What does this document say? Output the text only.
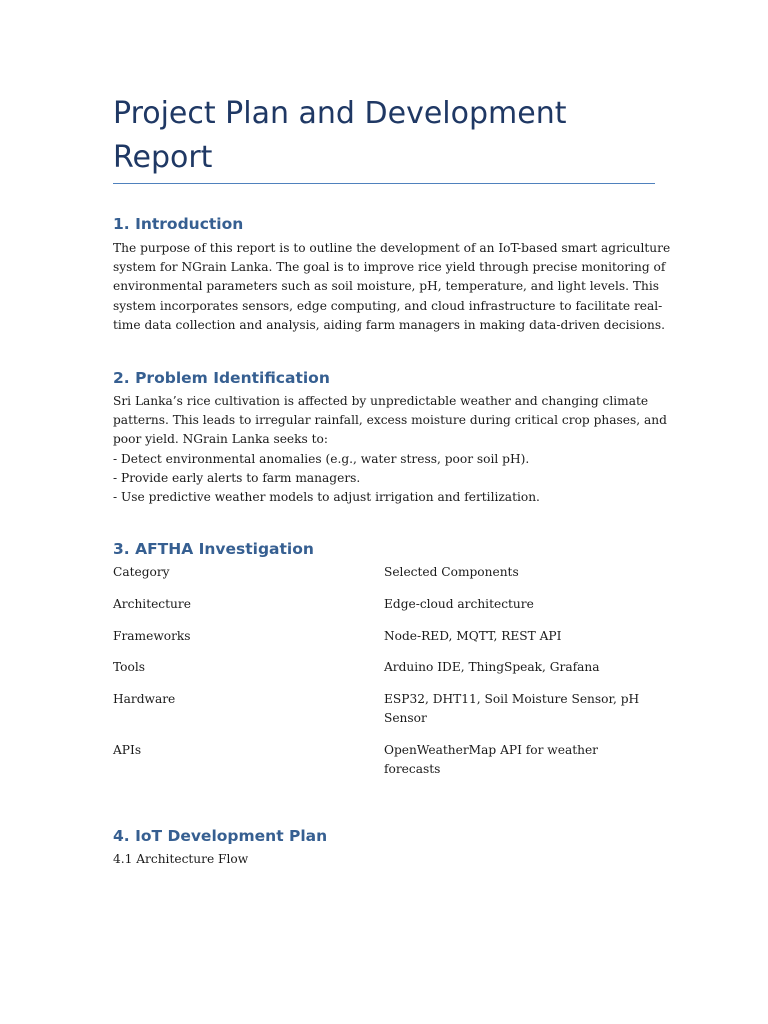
Project Plan and Development Report
1. Introduction

The purpose of this report is to outline the development of an IoT-based smart agriculture
system for NGrain Lanka. The goal is to improve rice yield through precise monitoring of
environmental parameters such as soil moisture, pH, temperature, and light levels. This
system incorporates sensors, edge computing, and cloud infrastructure to facilitate real-
time data collection and analysis, aiding farm managers in making data-driven decisions.

2. Problem Identification

Sri Lanka’s rice cultivation is affected by unpredictable weather and changing climate
patterns. This leads to irregular rainfall, excess moisture during critical crop phases, and
poor yield. NGrain Lanka seeks to:
- Detect environmental anomalies (e.g., water stress, poor soil pH).
- Provide early alerts to farm managers.
- Use predictive weather models to adjust irrigation and fertilization.

3. AFTHA Investigation
Category	Selected Components
Architecture	Edge-cloud architecture

Frameworks	Node-RED, MQTT, REST API

Tools	Arduino IDE, ThingSpeak, Grafana

Hardware	ESP32, DHT11, Soil Moisture Sensor, pH
Sensor

APIs	OpenWeatherMap API for weather
forecasts
4. IoT Development Plan

4.1 Architecture Flow
